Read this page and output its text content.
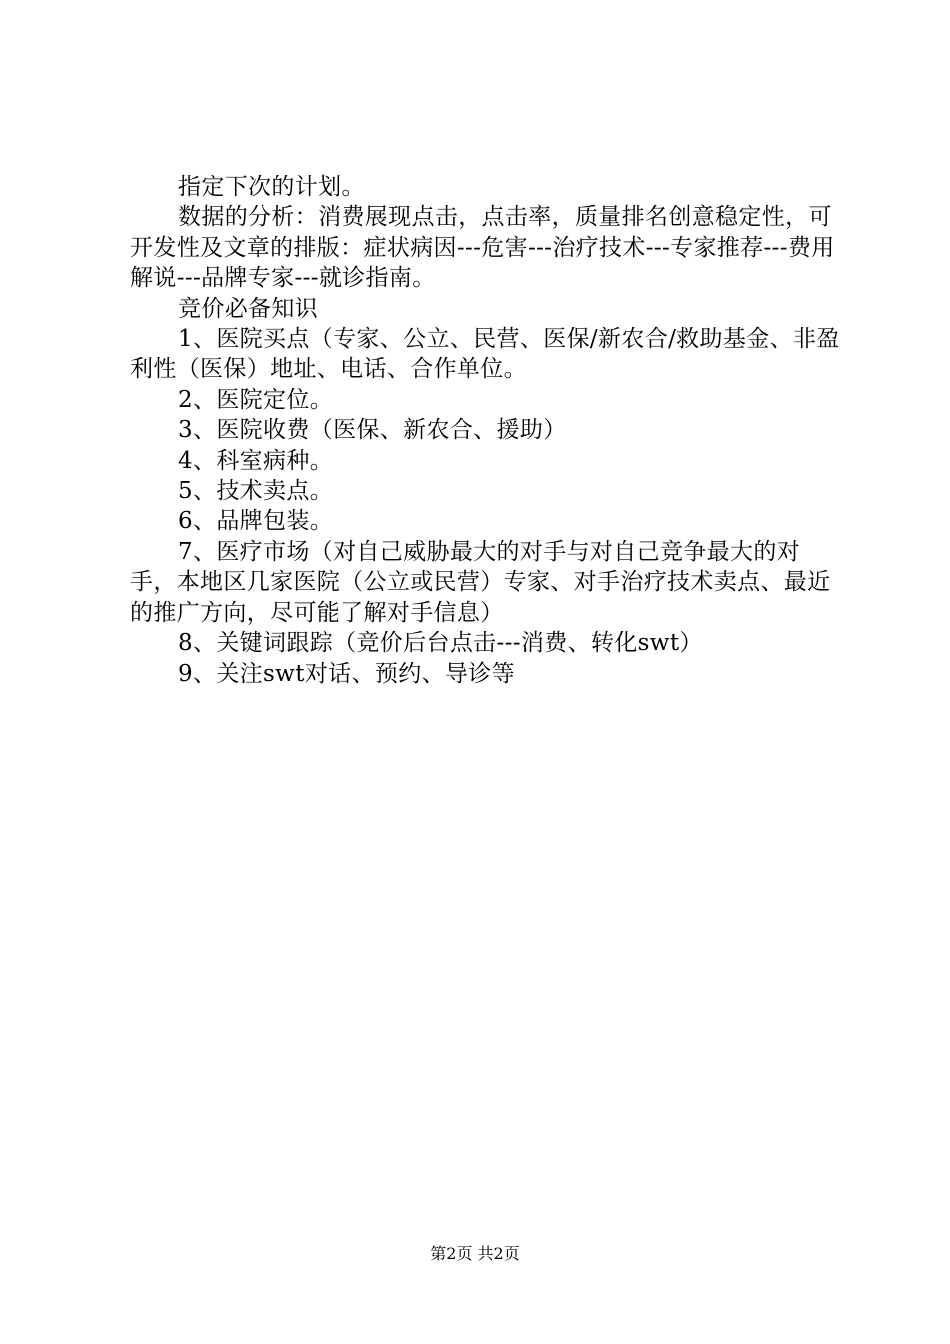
指定下次的计划。

数据的分析：消费展现点击，点击率，质量排名创意稳定性，可开发性及文章的排版：症状病因---危害---治疗技术---专家推荐---费用解说---品牌专家---就诊指南。

竞价必备知识

1、医院买点（专家、公立、民营、医保/新农合/救助基金、非盈利性（医保）地址、电话、合作单位。

2、医院定位。

3、医院收费（医保、新农合、援助）

4、科室病种。

5、技术卖点。

6、品牌包装。

7、医疗市场（对自己威胁最大的对手与对自己竞争最大的对手，本地区几家医院（公立或民营）专家、对手治疗技术卖点、最近的推广方向，尽可能了解对手信息）

8、关键词跟踪（竞价后台点击---消费、转化swt）

9、关注swt对话、预约、导诊等

第2页 共2页
